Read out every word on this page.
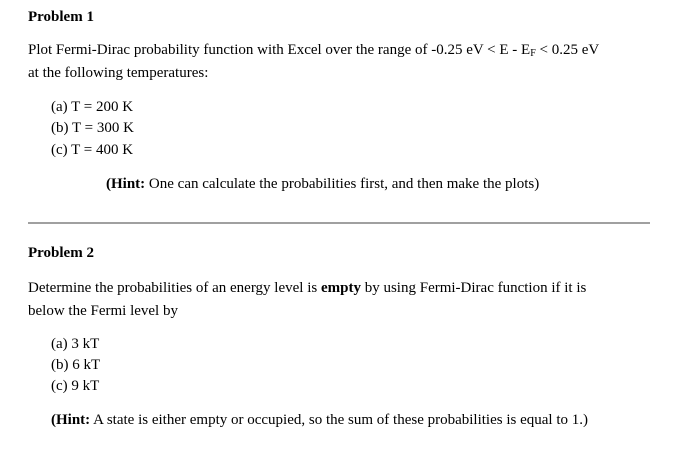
Problem 1
Plot Fermi-Dirac probability function with Excel over the range of -0.25 eV < $E - E_F < 0.25$ eV
at the following temperatures:
(a) T = 200 K
(b) T = 300 K
(c) T = 400 K
(Hint: One can calculate the probabilities first, and then make the plots)
Problem 2
Determine the probabilities of an energy level is empty by using Fermi-Dirac function if it is
below the Fermi level by
(a) 3 kT
(b) 6 kT
(c) 9 kT
(Hint: A state is either empty or occupied, so the sum of these probabilities is equal to 1.)
